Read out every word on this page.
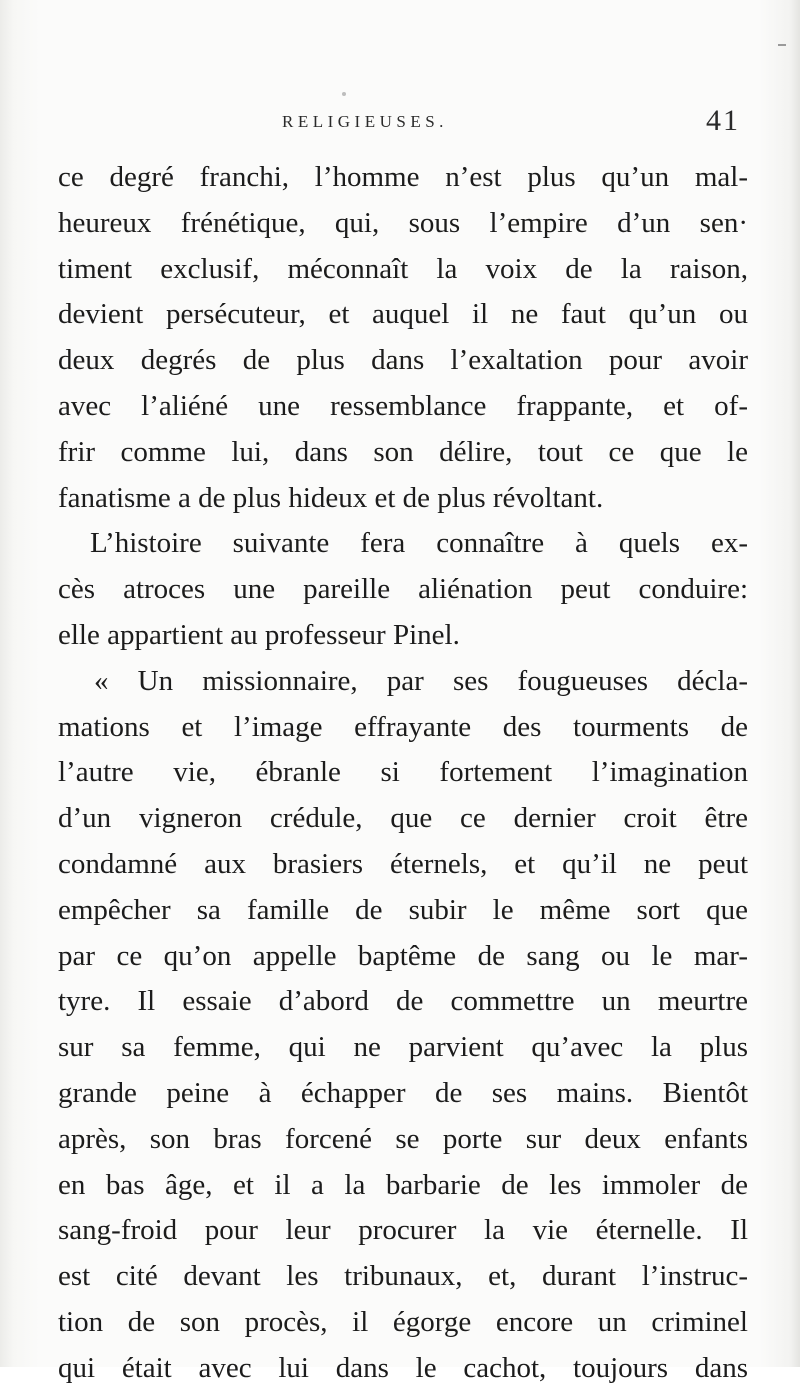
RELIGIEUSES.	41
ce degré franchi, l’homme n’est plus qu’un mal-
heureux frénétique, qui, sous l’empire d’un sen·
timent exclusif, méconnaît la voix de la raison,
devient persécuteur, et auquel il ne faut qu’un ou
deux degrés de plus dans l’exaltation pour avoir
avec l’aliéné une ressemblance frappante, et of-
frir comme lui, dans son délire, tout ce que le
fanatisme a de plus hideux et de plus révoltant.
L’histoire suivante fera connaître à quels ex-
cès atroces une pareille aliénation peut conduire:
elle appartient au professeur Pinel.
« Un missionnaire, par ses fougueuses décla-
mations et l’image effrayante des tourments de
l’autre vie, ébranle si fortement l’imagination
d’un vigneron crédule, que ce dernier croit être
condamné aux brasiers éternels, et qu’il ne peut
empêcher sa famille de subir le même sort que
par ce qu’on appelle baptême de sang ou le mar-
tyre. Il essaie d’abord de commettre un meurtre
sur sa femme, qui ne parvient qu’avec la plus
grande peine à échapper de ses mains. Bientôt
après, son bras forcené se porte sur deux enfants
en bas âge, et il a la barbarie de les immoler de
sang-froid pour leur procurer la vie éternelle. Il
est cité devant les tribunaux, et, durant l’instruc-
tion de son procès, il égorge encore un criminel
qui était avec lui dans le cachot, toujours dans
